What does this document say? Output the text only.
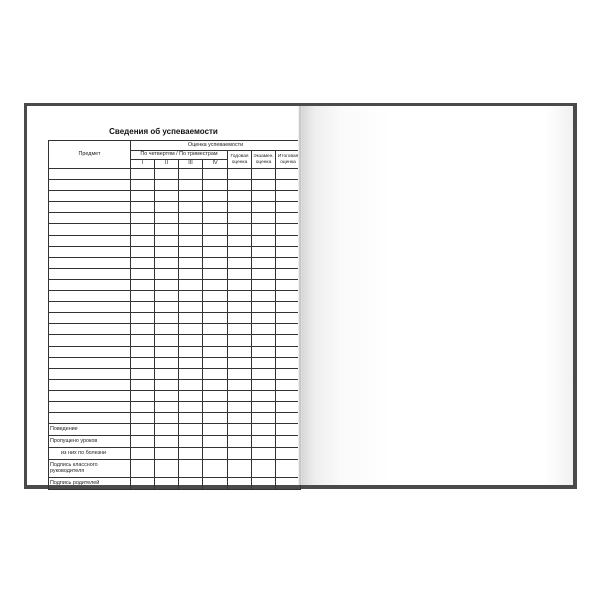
Сведения об успеваемости
Предмет	Оценка успеваемости						
	По четвертям / По триместрам				Годовая оценка	Экзамен. оценка	Итоговая оценка
	I	II	III	IV			

Поведение							
Пропущено уроков							
из них по болезни							
Подпись классного руководителя							
Подпись родителей							
